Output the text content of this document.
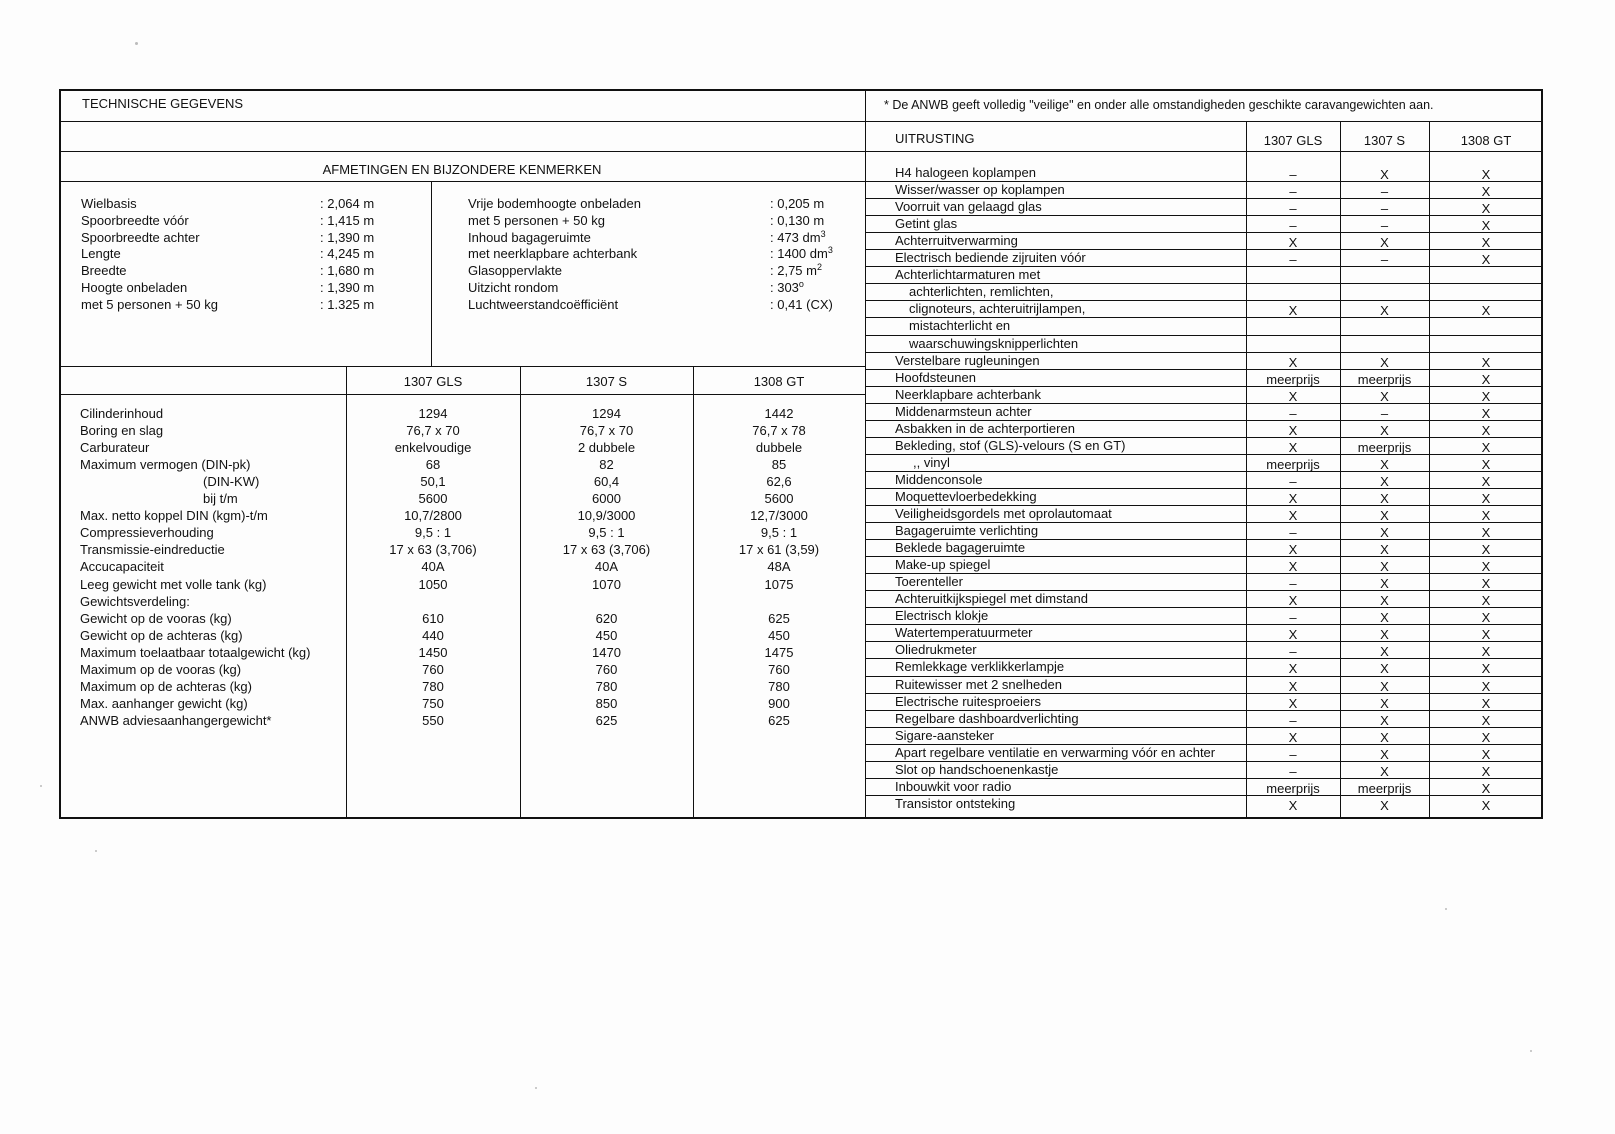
TECHNISCHE GEGEVENS	* De ANWB geeft volledig "veilige" en onder alle omstandigheden geschikte caravangewichten aan.
AFMETINGEN EN BIJZONDERE KENMERKEN
Wielbasis	: 2,064 m
Spoorbreedte vóór	: 1,415 m
Spoorbreedte achter	: 1,390 m
Lengte	: 4,245 m
Breedte	: 1,680 m
Hoogte onbeladen	: 1,390 m
met 5 personen + 50 kg	: 1.325 m
Vrije bodemhoogte onbeladen	: 0,205 m
met 5 personen + 50 kg	: 0,130 m
Inhoud bagageruimte	: 473 $dm^3$
met neerklapbare achterbank	: 1400 $dm^3$
Glasoppervlakte	: 2,75 $m^2$
Uitzicht rondom	: 303$^o$
Luchtweerstandcoëfficiënt	: 0,41 (CX)
1307 GLS	1307 S	1308 GT
Cilinderinhoud	1294	1294	1442
Boring en slag	76,7 x 70	76,7 x 70	76,7 x 78
Carburateur	enkelvoudige	2 dubbele	dubbele
Maximum vermogen (DIN-pk)	68	82	85
(DIN-KW)	50,1	60,4	62,6
bij t/m	5600	6000	5600
Max. netto koppel DIN (kgm)-t/m	10,7/2800	10,9/3000	12,7/3000
Compressieverhouding	9,5 : 1	9,5 : 1	9,5 : 1
Transmissie-eindreductie	17 x 63 (3,706)	17 x 63 (3,706)	17 x 61 (3,59)
Accucapaciteit	40A	40A	48A
Leeg gewicht met volle tank (kg)	1050	1070	1075
Gewichtsverdeling:
Gewicht op de vooras (kg)	610	620	625
Gewicht op de achteras (kg)	440	450	450
Maximum toelaatbaar totaalgewicht (kg)	1450	1470	1475
Maximum op de vooras (kg)	760	760	760
Maximum op de achteras (kg)	780	780	780
Max. aanhanger gewicht (kg)	750	850	900
ANWB adviesaanhangergewicht*	550	625	625
UITRUSTING	1307 GLS	1307 S	1308 GT
H4 halogeen koplampen	–	X	X
Wisser/wasser op koplampen	–	–	X
Voorruit van gelaagd glas	–	–	X
Getint glas	–	–	X
Achterruitverwarming	X	X	X
Electrisch bediende zijruiten vóór	–	–	X
Achterlichtarmaturen met
achterlichten, remlichten,
clignoteurs, achteruitrijlampen,	X	X	X
mistachterlicht en
waarschuwingsknipperlichten
Verstelbare rugleuningen	X	X	X
Hoofdsteunen	meerprijs	meerprijs	X
Neerklapbare achterbank	X	X	X
Middenarmsteun achter	–	–	X
Asbakken in de achterportieren	X	X	X
Bekleding, stof (GLS)-velours (S en GT)	X	meerprijs	X
,, vinyl	meerprijs	X	X
Middenconsole	–	X	X
Moquettevloerbedekking	X	X	X
Veiligheidsgordels met oprolautomaat	X	X	X
Bagageruimte verlichting	–	X	X
Beklede bagageruimte	X	X	X
Make-up spiegel	X	X	X
Toerenteller	–	X	X
Achteruitkijkspiegel met dimstand	X	X	X
Electrisch klokje	–	X	X
Watertemperatuurmeter	X	X	X
Oliedrukmeter	–	X	X
Remlekkage verklikkerlampje	X	X	X
Ruitewisser met 2 snelheden	X	X	X
Electrische ruitesproeiers	X	X	X
Regelbare dashboardverlichting	–	X	X
Sigare-aansteker	X	X	X
Apart regelbare ventilatie en verwarming vóór en achter	–	X	X
Slot op handschoenenkastje	–	X	X
Inbouwkit voor radio	meerprijs	meerprijs	X
Transistor ontsteking	X	X	X
